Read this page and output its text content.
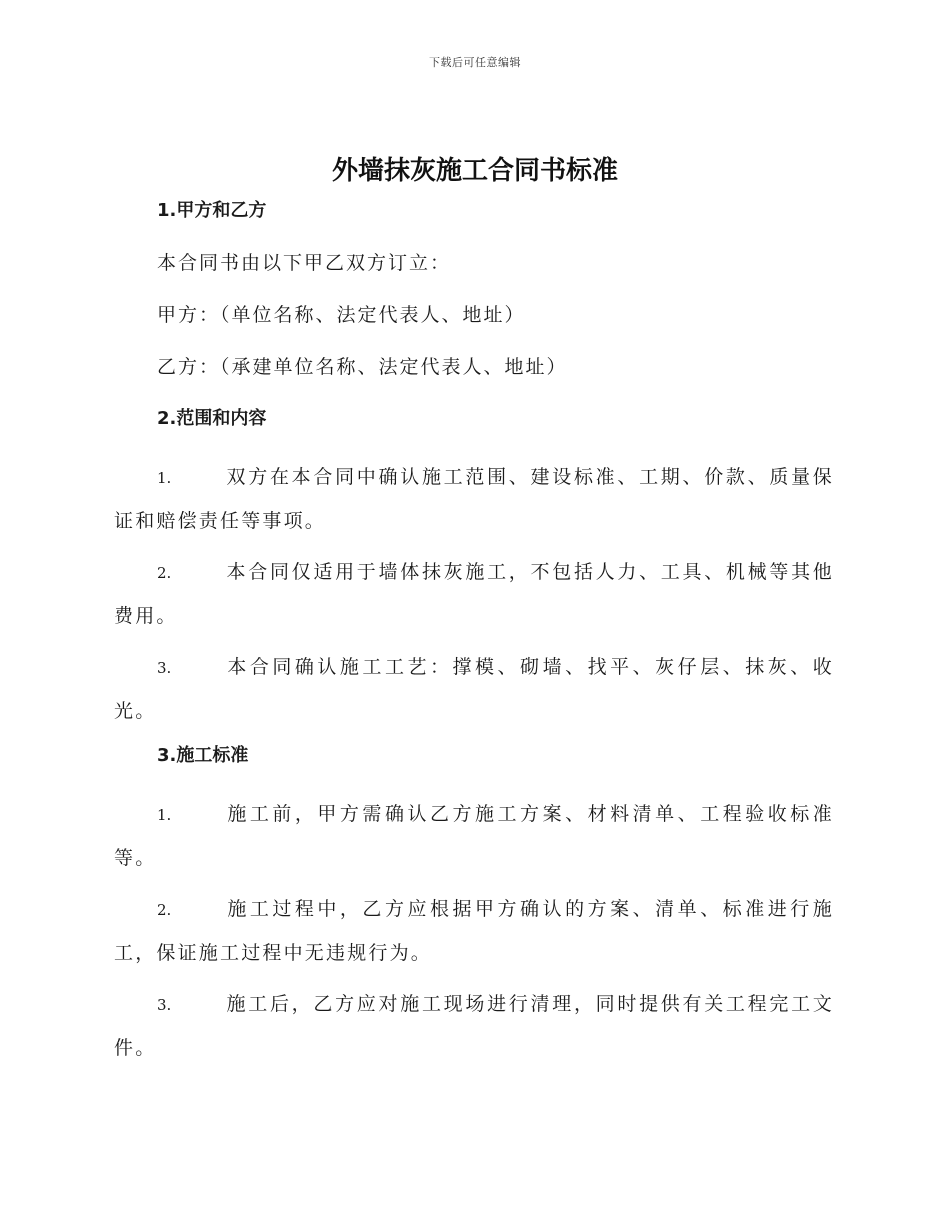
下载后可任意编辑
外墙抹灰施工合同书标准
1.甲方和乙方
本合同书由以下甲乙双方订立：
甲方：（单位名称、法定代表人、地址）
乙方：（承建单位名称、法定代表人、地址）
2.范围和内容
1.	双方在本合同中确认施工范围、建设标准、工期、价款、质量保证和赔偿责任等事项。
2.	本合同仅适用于墙体抹灰施工，不包括人力、工具、机械等其他费用。
3.	本合同确认施工工艺：撑模、砌墙、找平、灰仔层、抹灰、收光。
3.施工标准
1.	施工前，甲方需确认乙方施工方案、材料清单、工程验收标准等。
2.	施工过程中，乙方应根据甲方确认的方案、清单、标准进行施工，保证施工过程中无违规行为。
3.	施工后，乙方应对施工现场进行清理，同时提供有关工程完工文件。
